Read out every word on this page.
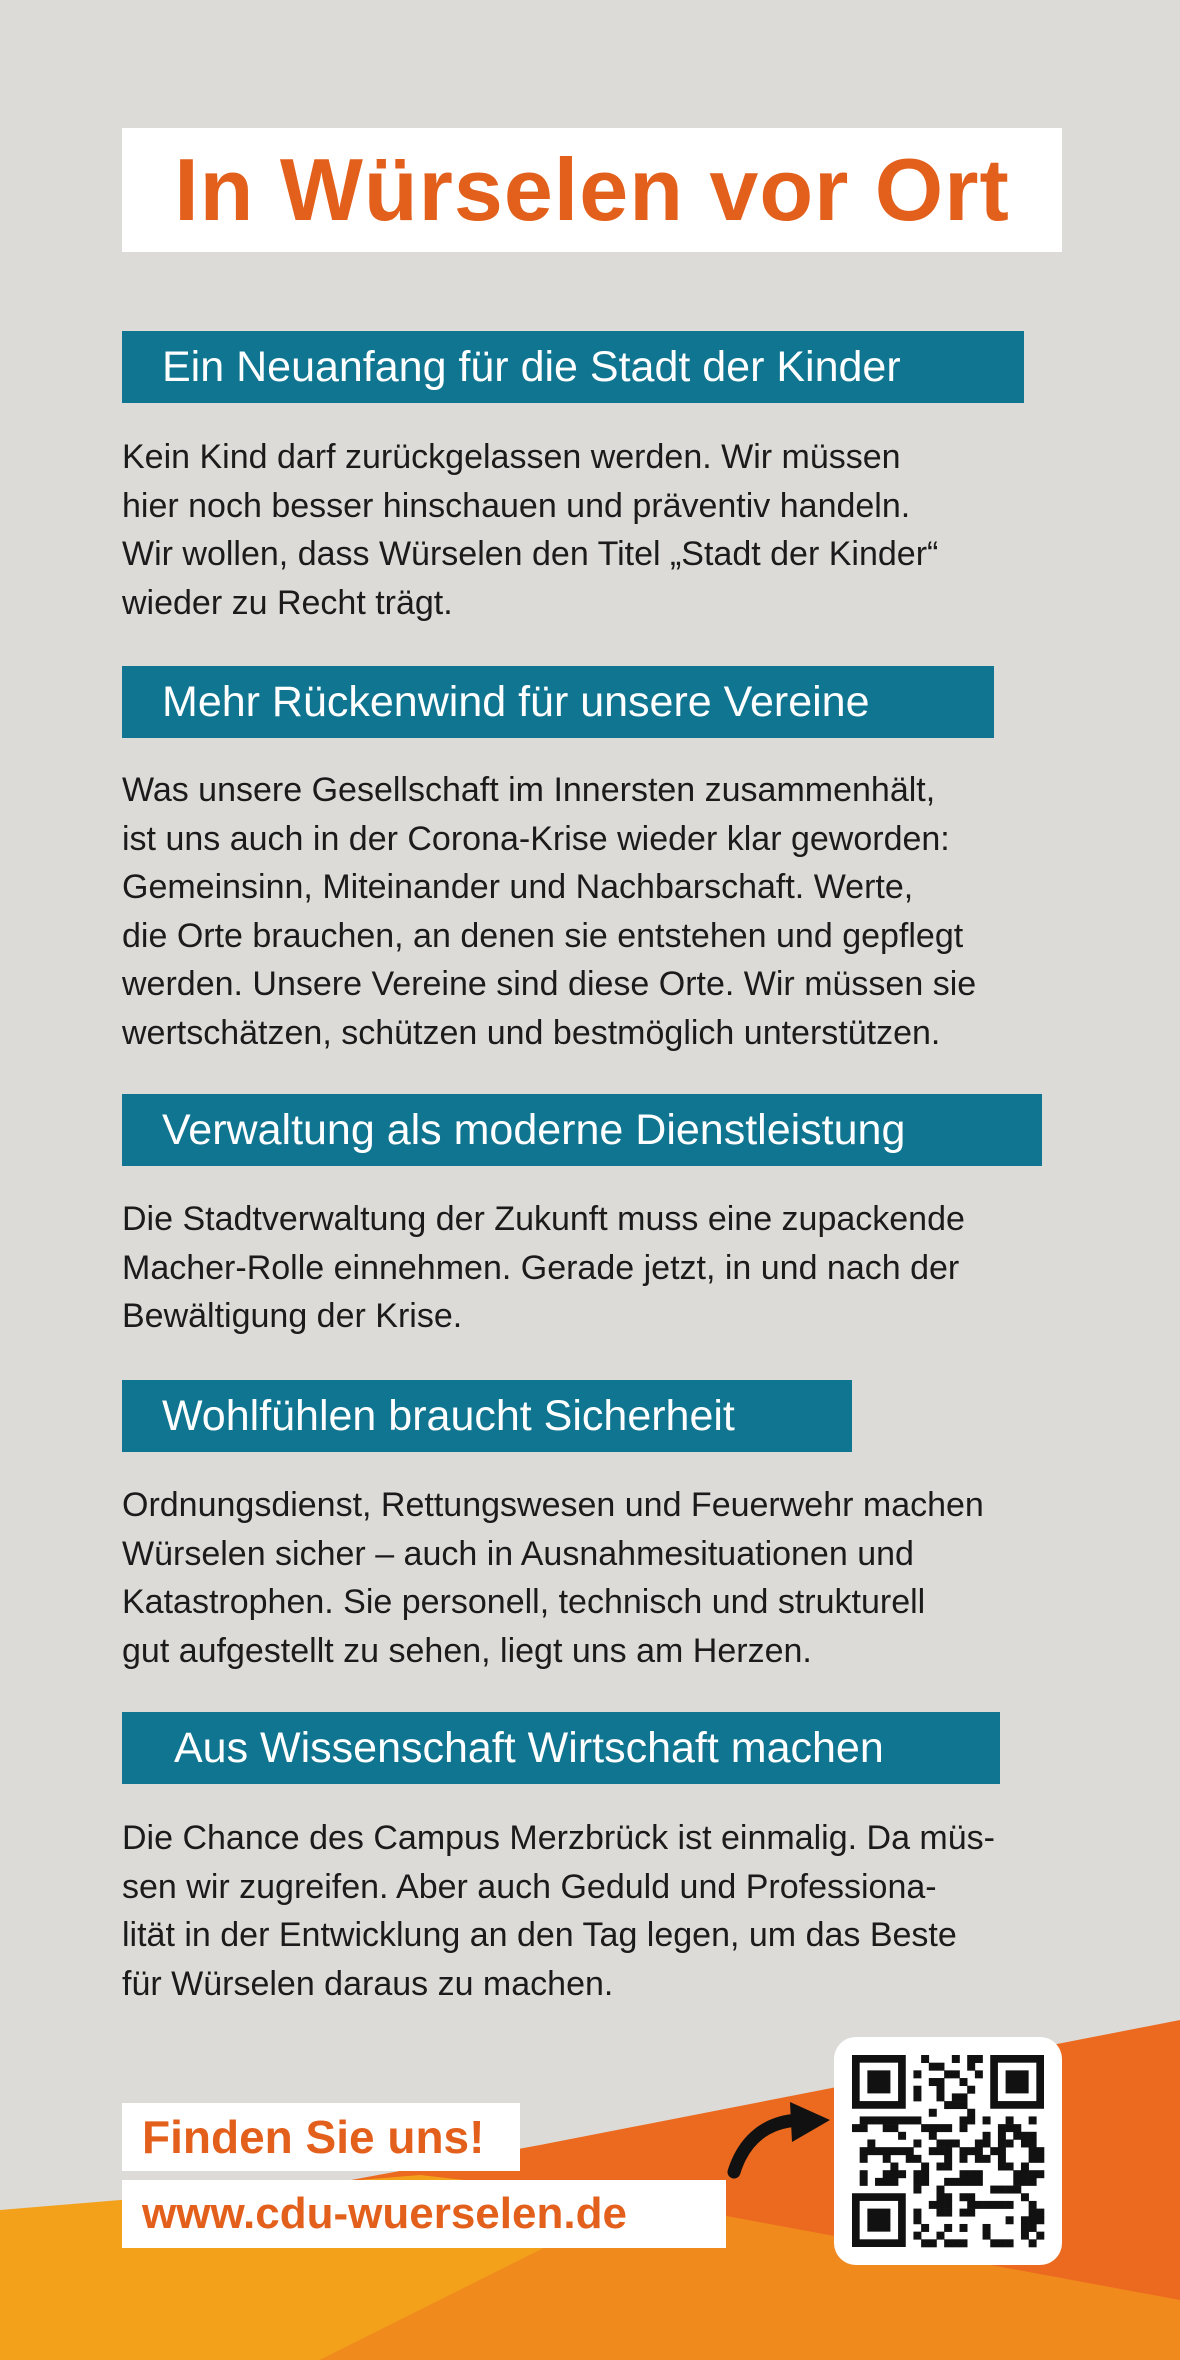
In Würselen vor Ort
Ein Neuanfang für die Stadt der Kinder

Kein Kind darf zurückgelassen werden. Wir müssen

hier noch besser hinschauen und präventiv handeln.

Wir wollen, dass Würselen den Titel „Stadt der Kinder“

wieder zu Recht trägt.

Mehr Rückenwind für unsere Vereine

Was unsere Gesellschaft im Innersten zusammenhält,

ist uns auch in der Corona-Krise wieder klar geworden:

Gemeinsinn, Miteinander und Nachbarschaft. Werte,

die Orte brauchen, an denen sie entstehen und gepflegt

werden. Unsere Vereine sind diese Orte. Wir müssen sie

wertschätzen, schützen und bestmöglich unterstützen.

Verwaltung als moderne Dienstleistung

Die Stadtverwaltung der Zukunft muss eine zupackende

Macher-Rolle einnehmen. Gerade jetzt, in und nach der

Bewältigung der Krise.

Wohlfühlen braucht Sicherheit

Ordnungsdienst, Rettungswesen und Feuerwehr machen

Würselen sicher – auch in Ausnahmesituationen und

Katastrophen. Sie personell, technisch und strukturell

gut aufgestellt zu sehen, liegt uns am Herzen.

Aus Wissenschaft Wirtschaft machen

Die Chance des Campus Merzbrück ist einmalig. Da müs-

sen wir zugreifen. Aber auch Geduld und Professiona-

lität in der Entwicklung an den Tag legen, um das Beste

für Würselen daraus zu machen.

Finden Sie uns!
www.cdu-wuerselen.de
